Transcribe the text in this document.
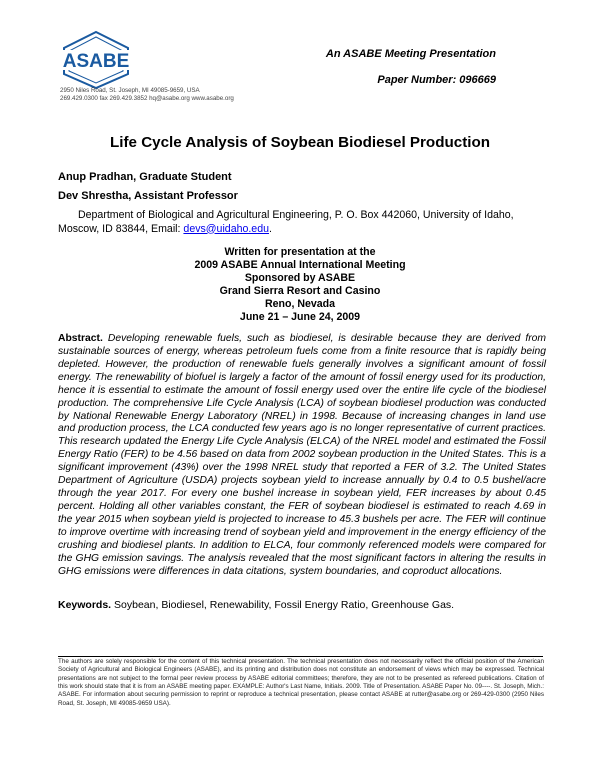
ASABE
2950 Niles Road, St. Joseph, MI 49085-9659, USA
269.429.0300 fax 269.429.3852 hq@asabe.org www.asabe.org
An ASABE Meeting Presentation
Paper Number: 096669
Life Cycle Analysis of Soybean Biodiesel Production
Anup Pradhan, Graduate Student
Dev Shrestha, Assistant Professor
Department of Biological and Agricultural Engineering, P. O. Box 442060, University of Idaho, Moscow, ID 83844, Email: devs@uidaho.edu.
Written for presentation at the
2009 ASABE Annual International Meeting
Sponsored by ASABE
Grand Sierra Resort and Casino
Reno, Nevada
June 21 – June 24, 2009
Abstract. Developing renewable fuels, such as biodiesel, is desirable because they are derived from sustainable sources of energy, whereas petroleum fuels come from a finite resource that is rapidly being depleted. However, the production of renewable fuels generally involves a significant amount of fossil energy. The renewability of biofuel is largely a factor of the amount of fossil energy used for its production, hence it is essential to estimate the amount of fossil energy used over the entire life cycle of the biodiesel production. The comprehensive Life Cycle Analysis (LCA) of soybean biodiesel production was conducted by National Renewable Energy Laboratory (NREL) in 1998. Because of increasing changes in land use and production process, the LCA conducted few years ago is no longer representative of current practices. This research updated the Energy Life Cycle Analysis (ELCA) of the NREL model and estimated the Fossil Energy Ratio (FER) to be 4.56 based on data from 2002 soybean production in the United States. This is a significant improvement (43%) over the 1998 NREL study that reported a FER of 3.2. The United States Department of Agriculture (USDA) projects soybean yield to increase annually by 0.4 to 0.5 bushel/acre through the year 2017. For every one bushel increase in soybean yield, FER increases by about 0.45 percent. Holding all other variables constant, the FER of soybean biodiesel is estimated to reach 4.69 in the year 2015 when soybean yield is projected to increase to 45.3 bushels per acre. The FER will continue to improve overtime with increasing trend of soybean yield and improvement in the energy efficiency of the crushing and biodiesel plants. In addition to ELCA, four commonly referenced models were compared for the GHG emission savings. The analysis revealed that the most significant factors in altering the results in GHG emissions were differences in data citations, system boundaries, and coproduct allocations.
Keywords. Soybean, Biodiesel, Renewability, Fossil Energy Ratio, Greenhouse Gas.
The authors are solely responsible for the content of this technical presentation. The technical presentation does not necessarily reflect the official position of the American Society of Agricultural and Biological Engineers (ASABE), and its printing and distribution does not constitute an endorsement of views which may be expressed. Technical presentations are not subject to the formal peer review process by ASABE editorial committees; therefore, they are not to be presented as refereed publications. Citation of this work should state that it is from an ASABE meeting paper. EXAMPLE: Author's Last Name, Initials. 2009. Title of Presentation. ASABE Paper No. 09----. St. Joseph, Mich.: ASABE. For information about securing permission to reprint or reproduce a technical presentation, please contact ASABE at rutter@asabe.org or 269-429-0300 (2950 Niles Road, St. Joseph, MI 49085-9659 USA).
